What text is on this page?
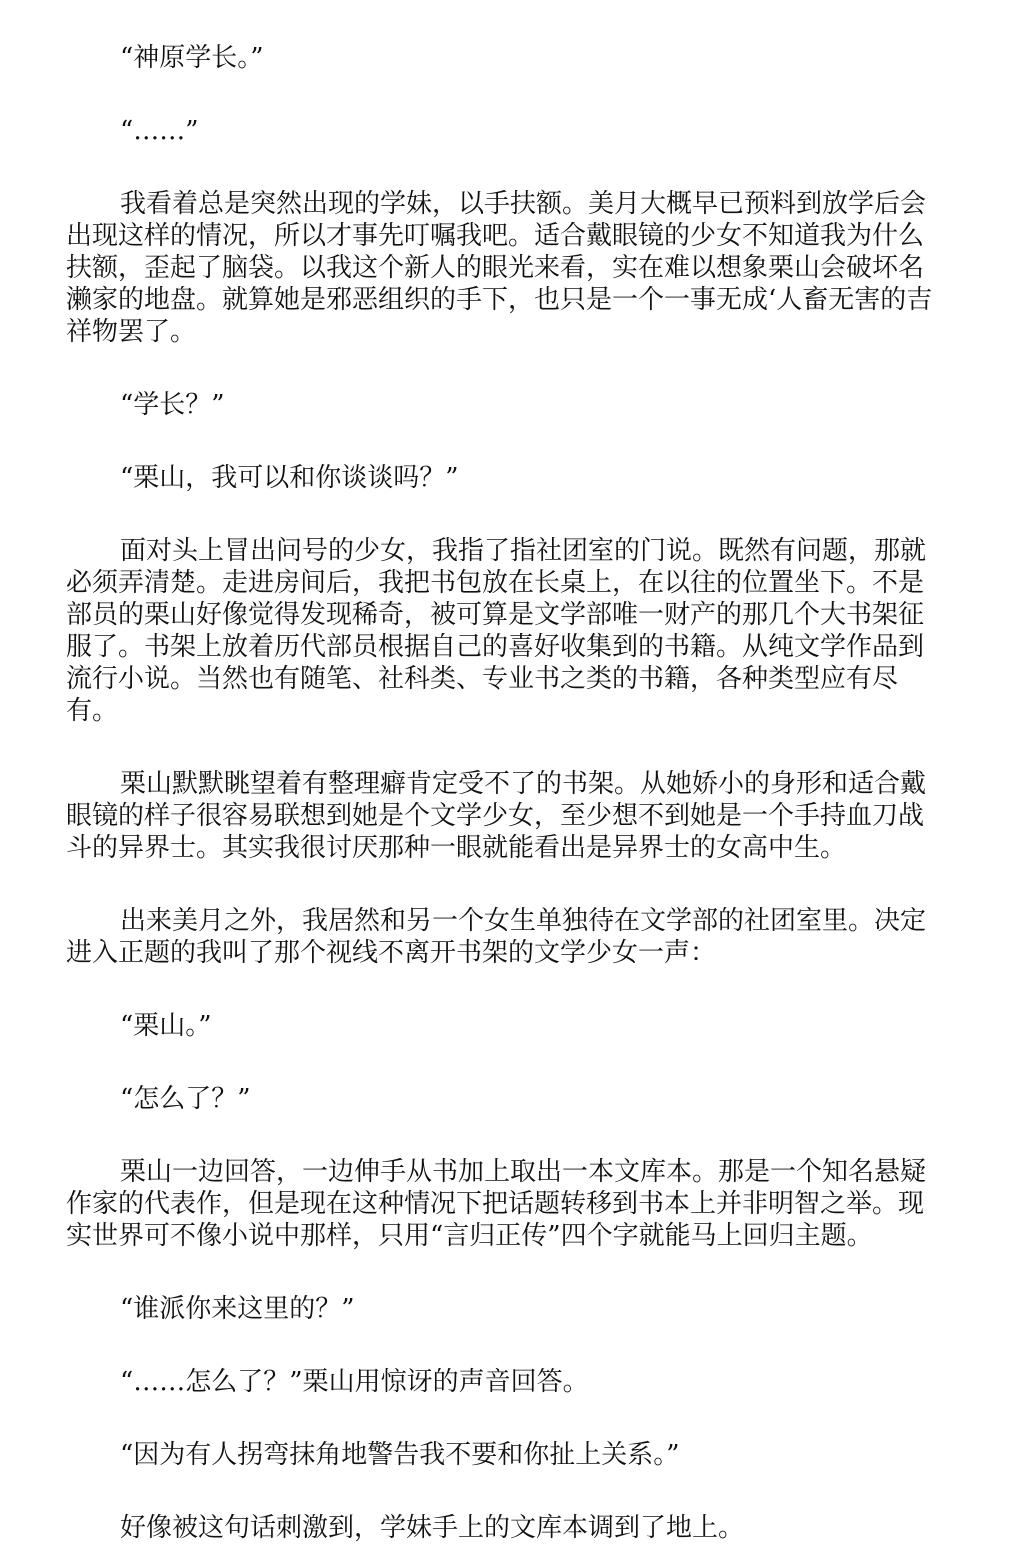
“神原学长。”

“……”

我看着总是突然出现的学妹，以手扶额。美月大概早已预料到放学后会出现这样的情况，所以才事先叮嘱我吧。适合戴眼镜的少女不知道我为什么扶额，歪起了脑袋。以我这个新人的眼光来看，实在难以想象栗山会破坏名濑家的地盘。就算她是邪恶组织的手下，也只是一个一事无成‘人畜无害的吉祥物罢了。

“学长？”

“栗山，我可以和你谈谈吗？”

面对头上冒出问号的少女，我指了指社团室的门说。既然有问题，那就必须弄清楚。走进房间后，我把书包放在长桌上，在以往的位置坐下。不是部员的栗山好像觉得发现稀奇，被可算是文学部唯一财产的那几个大书架征服了。书架上放着历代部员根据自己的喜好收集到的书籍。从纯文学作品到流行小说。当然也有随笔、社科类、专业书之类的书籍，各种类型应有尽有。

栗山默默眺望着有整理癖肯定受不了的书架。从她娇小的身形和适合戴眼镜的样子很容易联想到她是个文学少女，至少想不到她是一个手持血刀战斗的异界士。其实我很讨厌那种一眼就能看出是异界士的女高中生。

出来美月之外，我居然和另一个女生单独待在文学部的社团室里。决定进入正题的我叫了那个视线不离开书架的文学少女一声：

“栗山。”

“怎么了？”

栗山一边回答，一边伸手从书加上取出一本文库本。那是一个知名悬疑作家的代表作，但是现在这种情况下把话题转移到书本上并非明智之举。现实世界可不像小说中那样，只用“言归正传”四个字就能马上回归主题。

“谁派你来这里的？”

“……怎么了？”栗山用惊讶的声音回答。

“因为有人拐弯抹角地警告我不要和你扯上关系。”

好像被这句话刺激到，学妹手上的文库本调到了地上。
